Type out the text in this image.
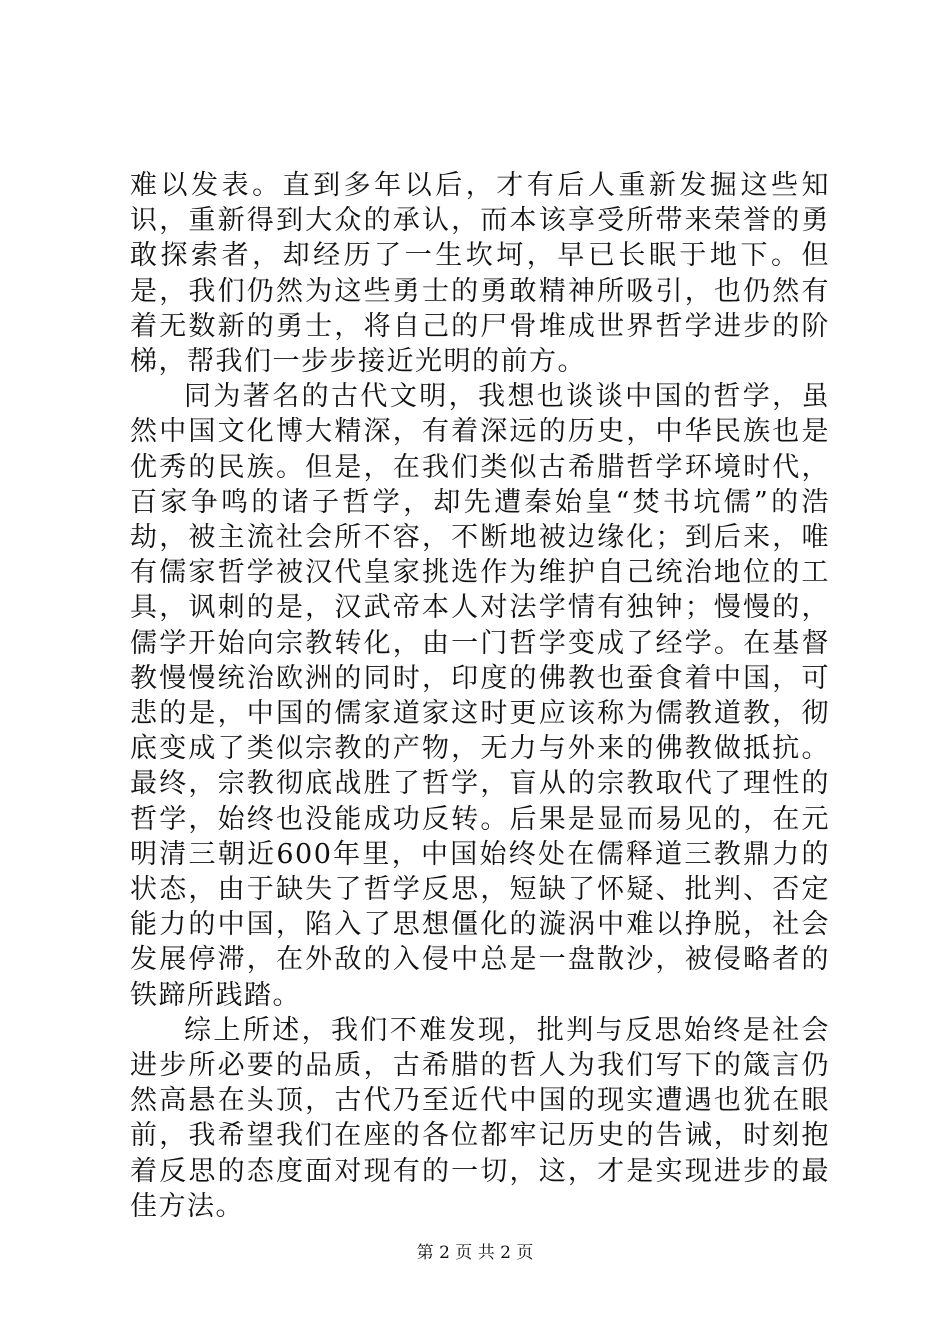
难以发表。直到多年以后，才有后人重新发掘这些知识，重新得到大众的承认，而本该享受所带来荣誉的勇敢探索者，却经历了一生坎坷，早已长眠于地下。但是，我们仍然为这些勇士的勇敢精神所吸引，也仍然有着无数新的勇士，将自己的尸骨堆成世界哲学进步的阶梯，帮我们一步步接近光明的前方。

同为著名的古代文明，我想也谈谈中国的哲学，虽然中国文化博大精深，有着深远的历史，中华民族也是优秀的民族。但是，在我们类似古希腊哲学环境时代，百家争鸣的诸子哲学，却先遭秦始皇“焚书坑儒”的浩劫，被主流社会所不容，不断地被边缘化；到后来，唯有儒家哲学被汉代皇家挑选作为维护自己统治地位的工具，讽刺的是，汉武帝本人对法学情有独钟；慢慢的，儒学开始向宗教转化，由一门哲学变成了经学。在基督教慢慢统治欧洲的同时，印度的佛教也蚕食着中国，可悲的是，中国的儒家道家这时更应该称为儒教道教，彻底变成了类似宗教的产物，无力与外来的佛教做抵抗。最终，宗教彻底战胜了哲学，盲从的宗教取代了理性的哲学，始终也没能成功反转。后果是显而易见的，在元明清三朝近600年里，中国始终处在儒释道三教鼎力的状态，由于缺失了哲学反思，短缺了怀疑、批判、否定能力的中国，陷入了思想僵化的漩涡中难以挣脱，社会发展停滞，在外敌的入侵中总是一盘散沙，被侵略者的铁蹄所践踏。

综上所述，我们不难发现，批判与反思始终是社会进步所必要的品质，古希腊的哲人为我们写下的箴言仍然高悬在头顶，古代乃至近代中国的现实遭遇也犹在眼前，我希望我们在座的各位都牢记历史的告诫，时刻抱着反思的态度面对现有的一切，这，才是实现进步的最佳方法。

第 2 页 共 2 页
